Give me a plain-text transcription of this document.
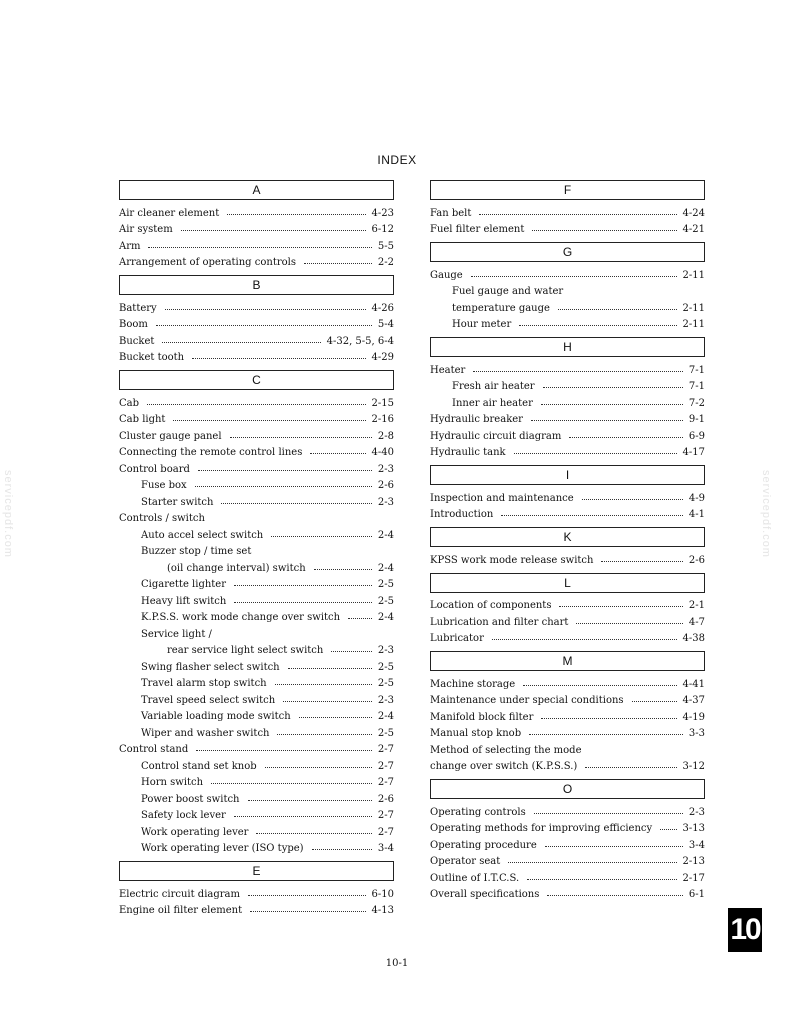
INDEX
A
Air cleaner element	4-23
Air system	6-12
Arm	5-5
Arrangement of operating controls	2-2
B
Battery	4-26
Boom	5-4
Bucket	4-32, 5-5, 6-4
Bucket tooth	4-29
C
Cab	2-15
Cab light	2-16
Cluster gauge panel	2-8
Connecting the remote control lines	4-40
Control board	2-3
Fuse box	2-6
Starter switch	2-3
Controls / switch
Auto accel select switch	2-4
Buzzer stop / time set
(oil change interval) switch	2-4
Cigarette lighter	2-5
Heavy lift switch	2-5
K.P.S.S. work mode change over switch	2-4
Service light /
rear service light select switch	2-3
Swing flasher select switch	2-5
Travel alarm stop switch	2-5
Travel speed select switch	2-3
Variable loading mode switch	2-4
Wiper and washer switch	2-5
Control stand	2-7
Control stand set knob	2-7
Horn switch	2-7
Power boost switch	2-6
Safety lock lever	2-7
Work operating lever	2-7
Work operating lever (ISO type)	3-4
E
Electric circuit diagram	6-10
Engine oil filter element	4-13
F
Fan belt	4-24
Fuel filter element	4-21
G
Gauge	2-11
Fuel gauge and water
temperature gauge	2-11
Hour meter	2-11
H
Heater	7-1
Fresh air heater	7-1
Inner air heater	7-2
Hydraulic breaker	9-1
Hydraulic circuit diagram	6-9
Hydraulic tank	4-17
I
Inspection and maintenance	4-9
Introduction	4-1
K
KPSS work mode release switch	2-6
L
Location of components	2-1
Lubrication and filter chart	4-7
Lubricator	4-38
M
Machine storage	4-41
Maintenance under special conditions	4-37
Manifold block filter	4-19
Manual stop knob	3-3
Method of selecting the mode
change over switch (K.P.S.S.)	3-12
O
Operating controls	2-3
Operating methods for improving efficiency	3-13
Operating procedure	3-4
Operator seat	2-13
Outline of I.T.C.S.	2-17
Overall specifications	6-1
servicepdf.com	servicepdf.com
10-1
10
